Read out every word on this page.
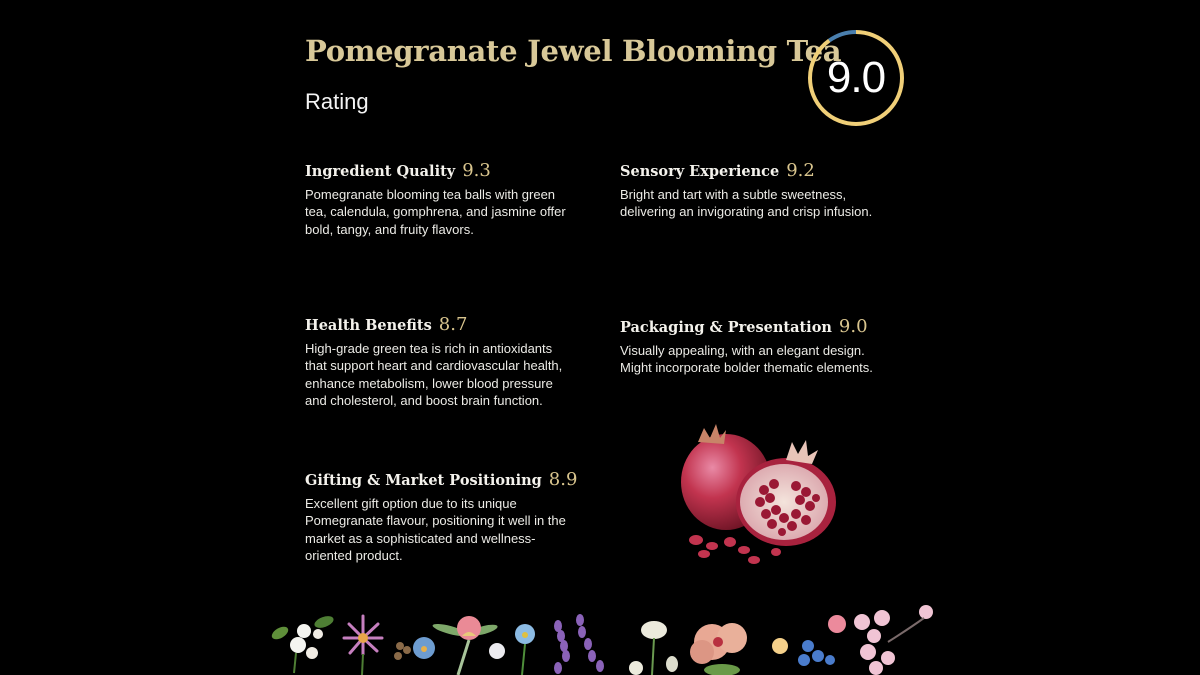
Pomegranate Jewel Blooming Tea
Rating	9.0
Ingredient Quality 9.3
Pomegranate blooming tea balls with green tea, calendula, gomphrena, and jasmine offer bold, tangy, and fruity flavors.
Sensory Experience 9.2
Bright and tart with a subtle sweetness, delivering an invigorating and crisp infusion.
Health Benefits 8.7
High-grade green tea is rich in antioxidants that support heart and cardiovascular health, enhance metabolism, lower blood pressure and cholesterol, and boost brain function.
Packaging & Presentation 9.0
Visually appealing, with an elegant design. Might incorporate bolder thematic elements.
Gifting & Market Positioning 8.9
Excellent gift option due to its unique Pomegranate flavour, positioning it well in the market as a sophisticated and wellness-oriented product.
